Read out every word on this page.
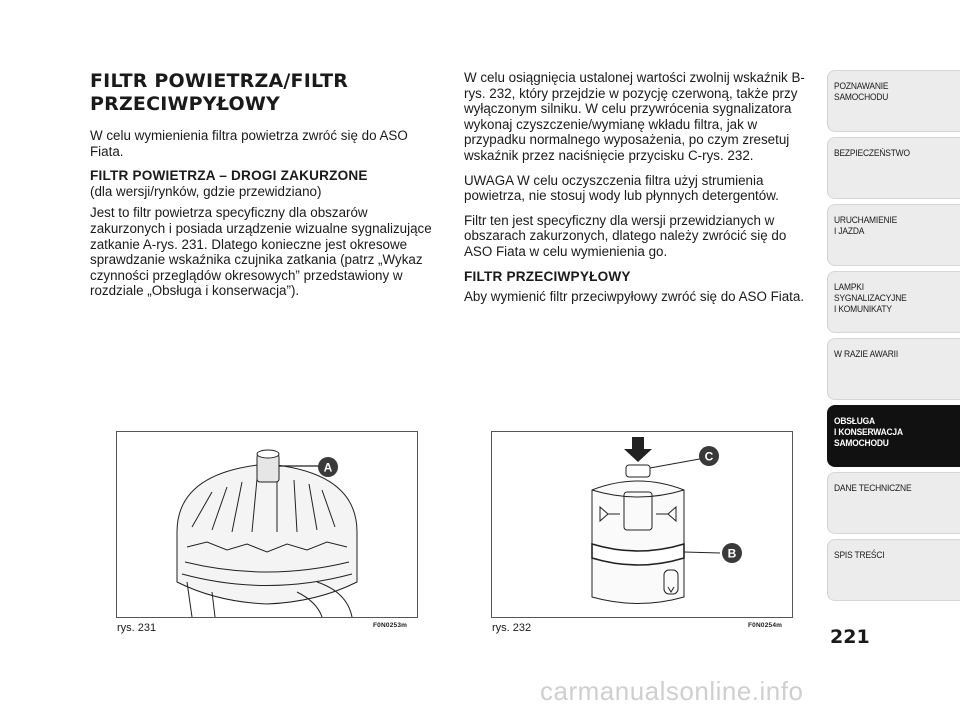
FILTR POWIETRZA/FILTR PRZECIWPYŁOWY

W celu wymienienia filtra powietrza zwróć się do ASO Fiata.

FILTR POWIETRZA – DROGI ZAKURZONE
(dla wersji/rynków, gdzie przewidziano)

Jest to filtr powietrza specyficzny dla obszarów zakurzonych i posiada urządzenie wizualne sygnalizujące zatkanie A-rys. 231. Dlatego konieczne jest okresowe sprawdzanie wskaźnika czujnika zatkania (patrz „Wykaz czynności przeglądów okresowych” przedstawiony w rozdziale „Obsługa i konserwacja”).

W celu osiągnięcia ustalonej wartości zwolnij wskaźnik B-rys. 232, który przejdzie w pozycję czerwoną, także przy wyłączonym silniku. W celu przywrócenia sygnalizatora wykonaj czyszczenie/wymianę wkładu filtra, jak w przypadku normalnego wyposażenia, po czym zresetuj wskaźnik przez naciśnięcie przycisku C-rys. 232.

UWAGA W celu oczyszczenia filtra użyj strumienia powietrza, nie stosuj wody lub płynnych detergentów.

Filtr ten jest specyficzny dla wersji przewidzianych w obszarach zakurzonych, dlatego należy zwrócić się do ASO Fiata w celu wymienienia go.

FILTR PRZECIWPYŁOWY

Aby wymienić filtr przeciwpyłowy zwróć się do ASO Fiata.

A
rys. 231	F0N0253m
C
B
rys. 232	F0N0254m
POZNAWANIE
SAMOCHODU
BEZPIECZEŃSTWO
URUCHAMIENIE
I JAZDA
LAMPKI
SYGNALIZACYJNE
I KOMUNIKATY
W RAZIE AWARII
OBSŁUGA
I KONSERWACJA
SAMOCHODU
DANE TECHNICZNE
SPIS TREŚCI
221
carmanualsonline.info
